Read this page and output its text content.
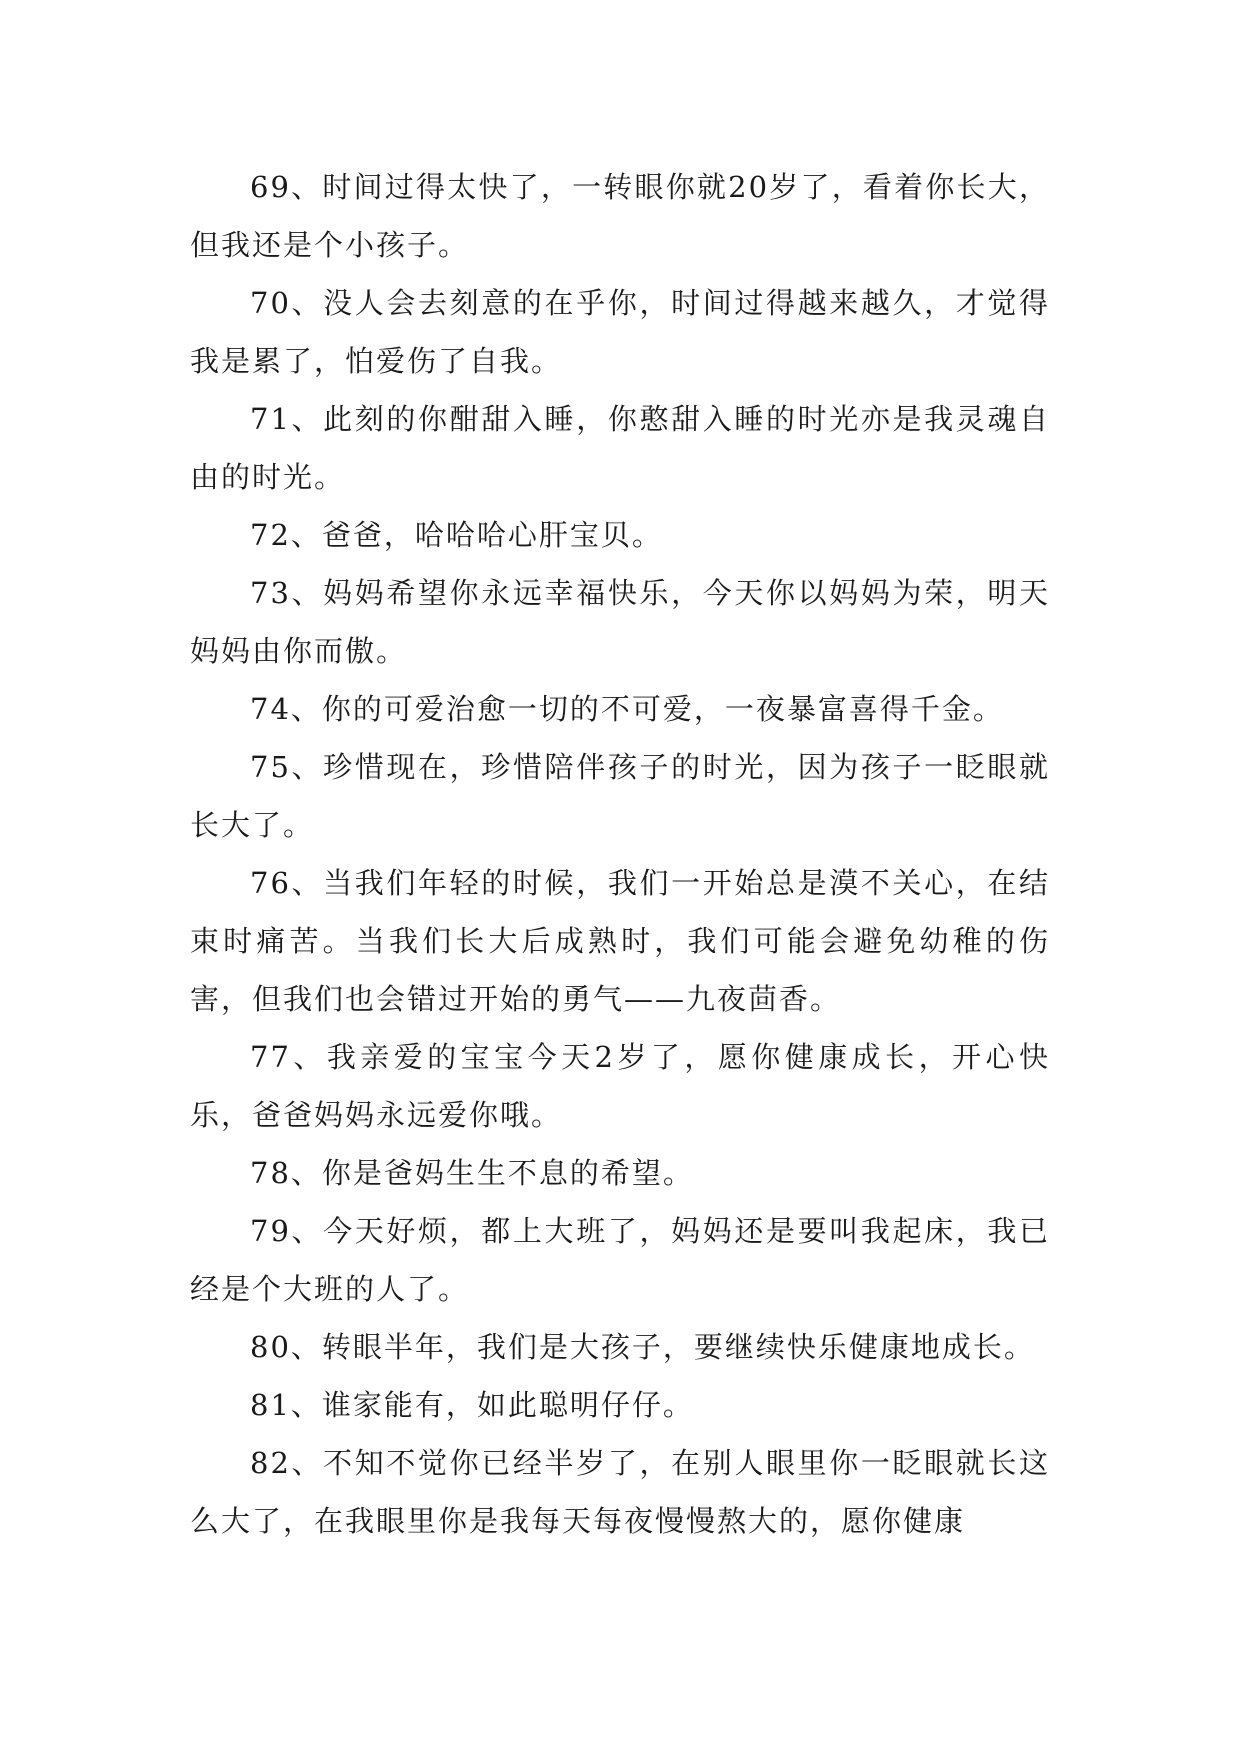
69、时间过得太快了，一转眼你就20岁了，看着你长大，但我还是个小孩子。

70、没人会去刻意的在乎你，时间过得越来越久，才觉得我是累了，怕爱伤了自我。

71、此刻的你酣甜入睡，你憨甜入睡的时光亦是我灵魂自由的时光。

72、爸爸，哈哈哈心肝宝贝。

73、妈妈希望你永远幸福快乐，今天你以妈妈为荣，明天妈妈由你而傲。

74、你的可爱治愈一切的不可爱，一夜暴富喜得千金。

75、珍惜现在，珍惜陪伴孩子的时光，因为孩子一眨眼就长大了。

76、当我们年轻的时候，我们一开始总是漠不关心，在结束时痛苦。当我们长大后成熟时，我们可能会避免幼稚的伤害，但我们也会错过开始的勇气——九夜茴香。

77、我亲爱的宝宝今天2岁了，愿你健康成长，开心快乐，爸爸妈妈永远爱你哦。

78、你是爸妈生生不息的希望。

79、今天好烦，都上大班了，妈妈还是要叫我起床，我已经是个大班的人了。

80、转眼半年，我们是大孩子，要继续快乐健康地成长。

81、谁家能有，如此聪明仔仔。

82、不知不觉你已经半岁了，在别人眼里你一眨眼就长这么大了，在我眼里你是我每天每夜慢慢熬大的，愿你健康
